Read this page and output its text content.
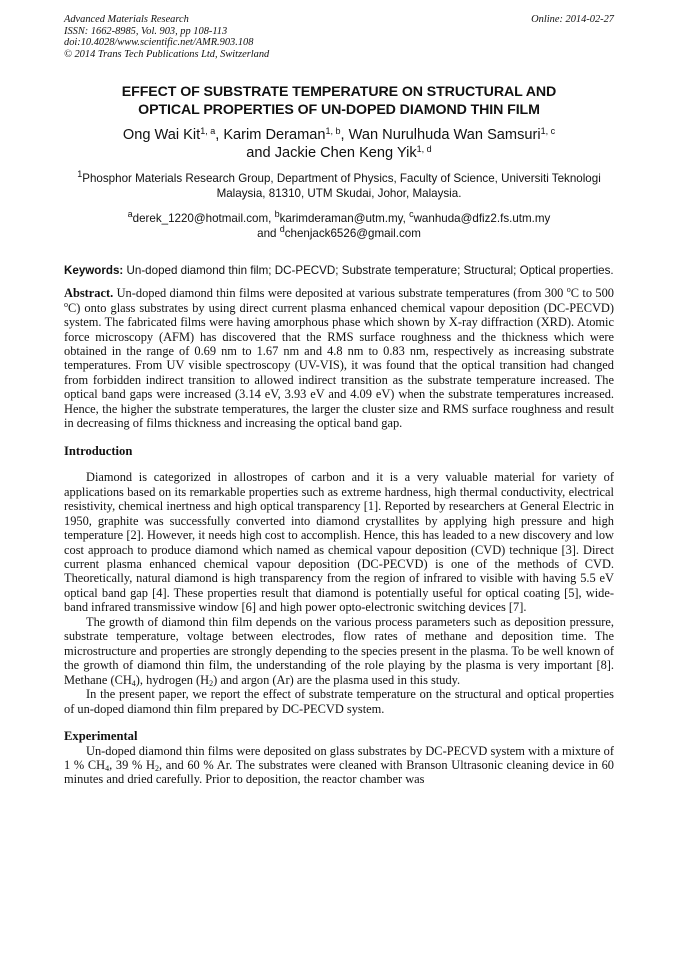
Advanced Materials Research
ISSN: 1662-8985, Vol. 903, pp 108-113
doi:10.4028/www.scientific.net/AMR.903.108
© 2014 Trans Tech Publications Ltd, Switzerland
Online: 2014-02-27
EFFECT OF SUBSTRATE TEMPERATURE ON STRUCTURAL AND
OPTICAL PROPERTIES OF UN-DOPED DIAMOND THIN FILM
Ong Wai Kit$^{1, a}$, Karim Deraman$^{1, b}$, Wan Nurulhuda Wan Samsuri$^{1, c}$
and Jackie Chen Keng Yik$^{1, d}$
$^1$Phosphor Materials Research Group, Department of Physics, Faculty of Science, Universiti Teknologi Malaysia, 81310, UTM Skudai, Johor, Malaysia.
$^a$derek_1220@hotmail.com, $^b$karimderaman@utm.my, $^c$wanhuda@dfiz2.fs.utm.my
and $^d$chenjack6526@gmail.com
Keywords: Un-doped diamond thin film; DC-PECVD; Substrate temperature; Structural; Optical properties.
Abstract. Un-doped diamond thin films were deposited at various substrate temperatures (from 300 $^o$C to 500 $^o$C) onto glass substrates by using direct current plasma enhanced chemical vapour deposition (DC-PECVD) system. The fabricated films were having amorphous phase which shown by X-ray diffraction (XRD). Atomic force microscopy (AFM) has discovered that the RMS surface roughness and the thickness which were obtained in the range of 0.69 nm to 1.67 nm and 4.8 nm to 0.83 nm, respectively as increasing substrate temperatures. From UV visible spectroscopy (UV-VIS), it was found that the optical transition had changed from forbidden indirect transition to allowed indirect transition as the substrate temperature increased. The optical band gaps were increased (3.14 eV, 3.93 eV and 4.09 eV) when the substrate temperatures increased. Hence, the higher the substrate temperatures, the larger the cluster size and RMS surface roughness and result in decreasing of films thickness and increasing the optical band gap.
Introduction
Diamond is categorized in allostropes of carbon and it is a very valuable material for variety of applications based on its remarkable properties such as extreme hardness, high thermal conductivity, electrical resistivity, chemical inertness and high optical transparency [1]. Reported by researchers at General Electric in 1950, graphite was successfully converted into diamond crystallites by applying high pressure and high temperature [2]. However, it needs high cost to accomplish. Hence, this has leaded to a new discovery and low cost approach to produce diamond which named as chemical vapour deposition (CVD) technique [3]. Direct current plasma enhanced chemical vapour deposition (DC-PECVD) is one of the methods of CVD. Theoretically, natural diamond is high transparency from the region of infrared to visible with having 5.5 eV optical band gap [4]. These properties result that diamond is potentially useful for optical coating [5], wide-band infrared transmissive window [6] and high power opto-electronic switching devices [7].
The growth of diamond thin film depends on the various process parameters such as deposition pressure, substrate temperature, voltage between electrodes, flow rates of methane and deposition time. The microstructure and properties are strongly depending to the species present in the plasma. To be well known of the growth of diamond thin film, the understanding of the role playing by the plasma is very important [8]. Methane $(CH_4)$, hydrogen $(H_2)$ and argon (Ar) are the plasma used in this study.
In the present paper, we report the effect of substrate temperature on the structural and optical properties of un-doped diamond thin film prepared by DC-PECVD system.
Experimental
Un-doped diamond thin films were deposited on glass substrates by DC-PECVD system with a mixture of 1 % $CH_4$, 39 % $H_2$, and 60 % Ar. The substrates were cleaned with Branson Ultrasonic cleaning device in 60 minutes and dried carefully. Prior to deposition, the reactor chamber was
